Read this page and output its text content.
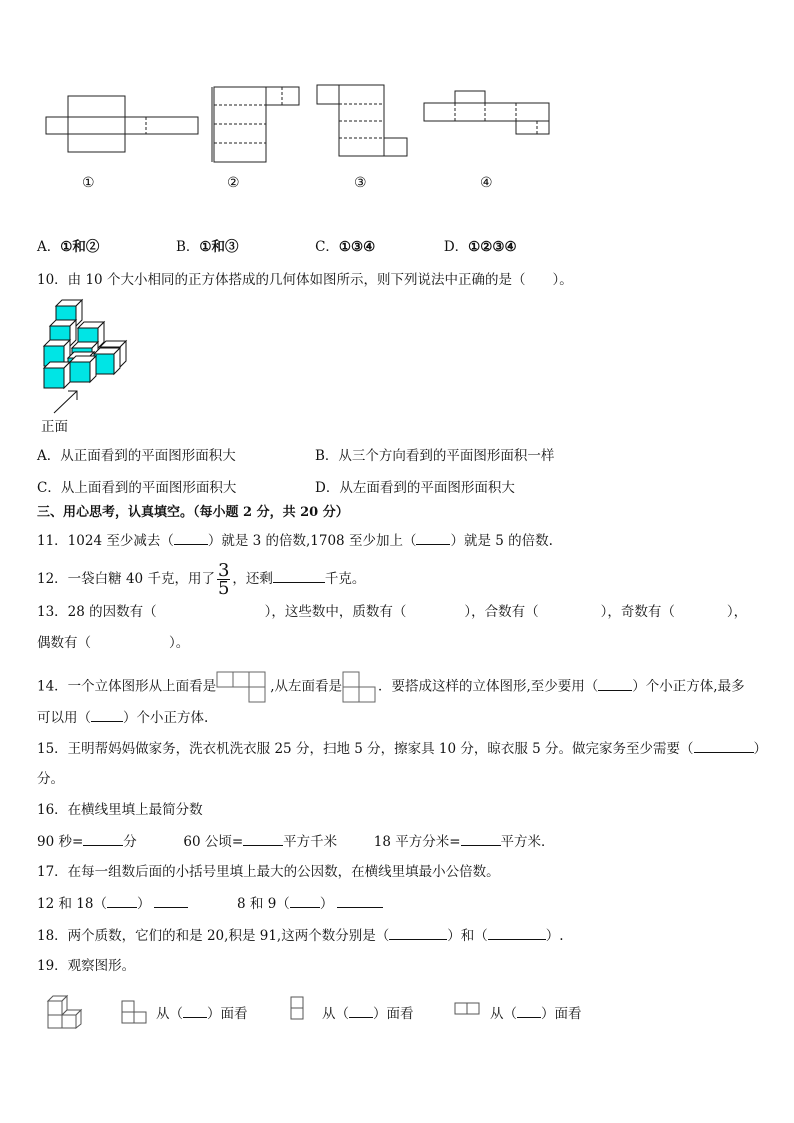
①	②	③	④
A．①和②	B．①和③	C．①③④	D．①②③④
10．由 10 个大小相同的正方体搭成的几何体如图所示，则下列说法中正确的是（　　）。
正面
A．从正面看到的平面图形面积大	B．从三个方向看到的平面图形面积一样
C．从上面看到的平面图形面积大	D．从左面看到的平面图形面积大
三、用心思考，认真填空。（每小题 2 分，共 20 分）
11．1024 至少减去（	）就是 3 的倍数,1708 至少加上（	）就是 5 的倍数.
12．一袋白糖 40 千克，用了 $\frac{3}{5}$ ，还剩	千克。
13．28 的因数有（	），这些数中，质数有（	），合数有（	），奇数有（	），
偶数有（	）。
14．一个立体图形从上面看是	,从左面看是	．要搭成这样的立体图形,至少要用（	）个小正方体,最多
可以用（ ）个小正方体.
15．王明帮妈妈做家务，洗衣机洗衣服 25 分，扫地 5 分，擦家具 10 分，晾衣服 5 分。做完家务至少需要（	）
分。
16．在横线里填上最简分数
90 秒=	分	60 公顷=	平方千米	18 平方分米=	平方米．
17．在每一组数后面的小括号里填上最大的公因数，在横线里填最小公倍数。
12 和 18（ ）	8 和 9（ ）
18．两个质数，它们的和是 20,积是 91,这两个数分别是（	）和（	）.
19．观察图形。
从（ ）面看	从（ ）面看	从（ ）面看
